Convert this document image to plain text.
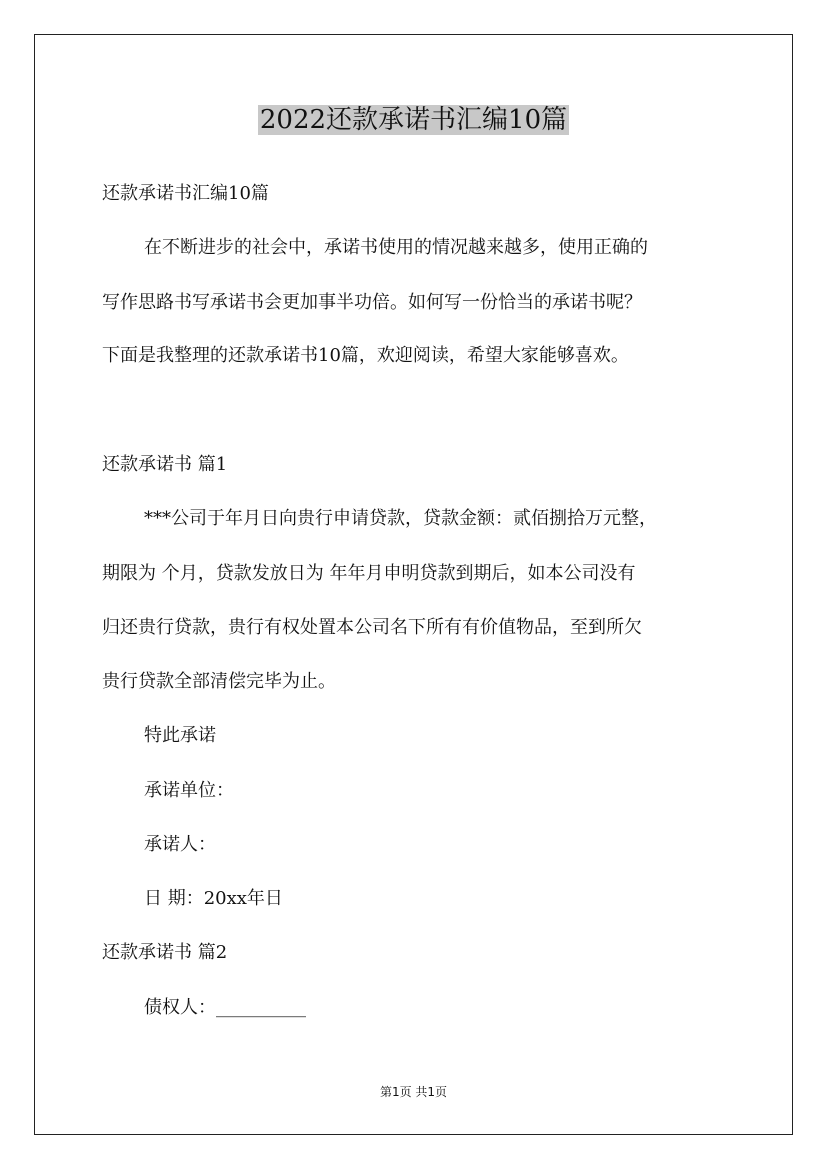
2022还款承诺书汇编10篇

还款承诺书汇编10篇

在不断进步的社会中，承诺书使用的情况越来越多，使用正确的

写作思路书写承诺书会更加事半功倍。如何写一份恰当的承诺书呢？

下面是我整理的还款承诺书10篇，欢迎阅读，希望大家能够喜欢。

还款承诺书 篇1

***公司于年月日向贵行申请贷款，贷款金额：贰佰捌拾万元整，

期限为 个月，贷款发放日为 年年月申明贷款到期后，如本公司没有

归还贵行贷款，贵行有权处置本公司名下所有有价值物品，至到所欠

贵行贷款全部清偿完毕为止。

特此承诺

承诺单位：

承诺人：

日 期：20xx年日

还款承诺书 篇2

债权人：__________

第1页 共1页
